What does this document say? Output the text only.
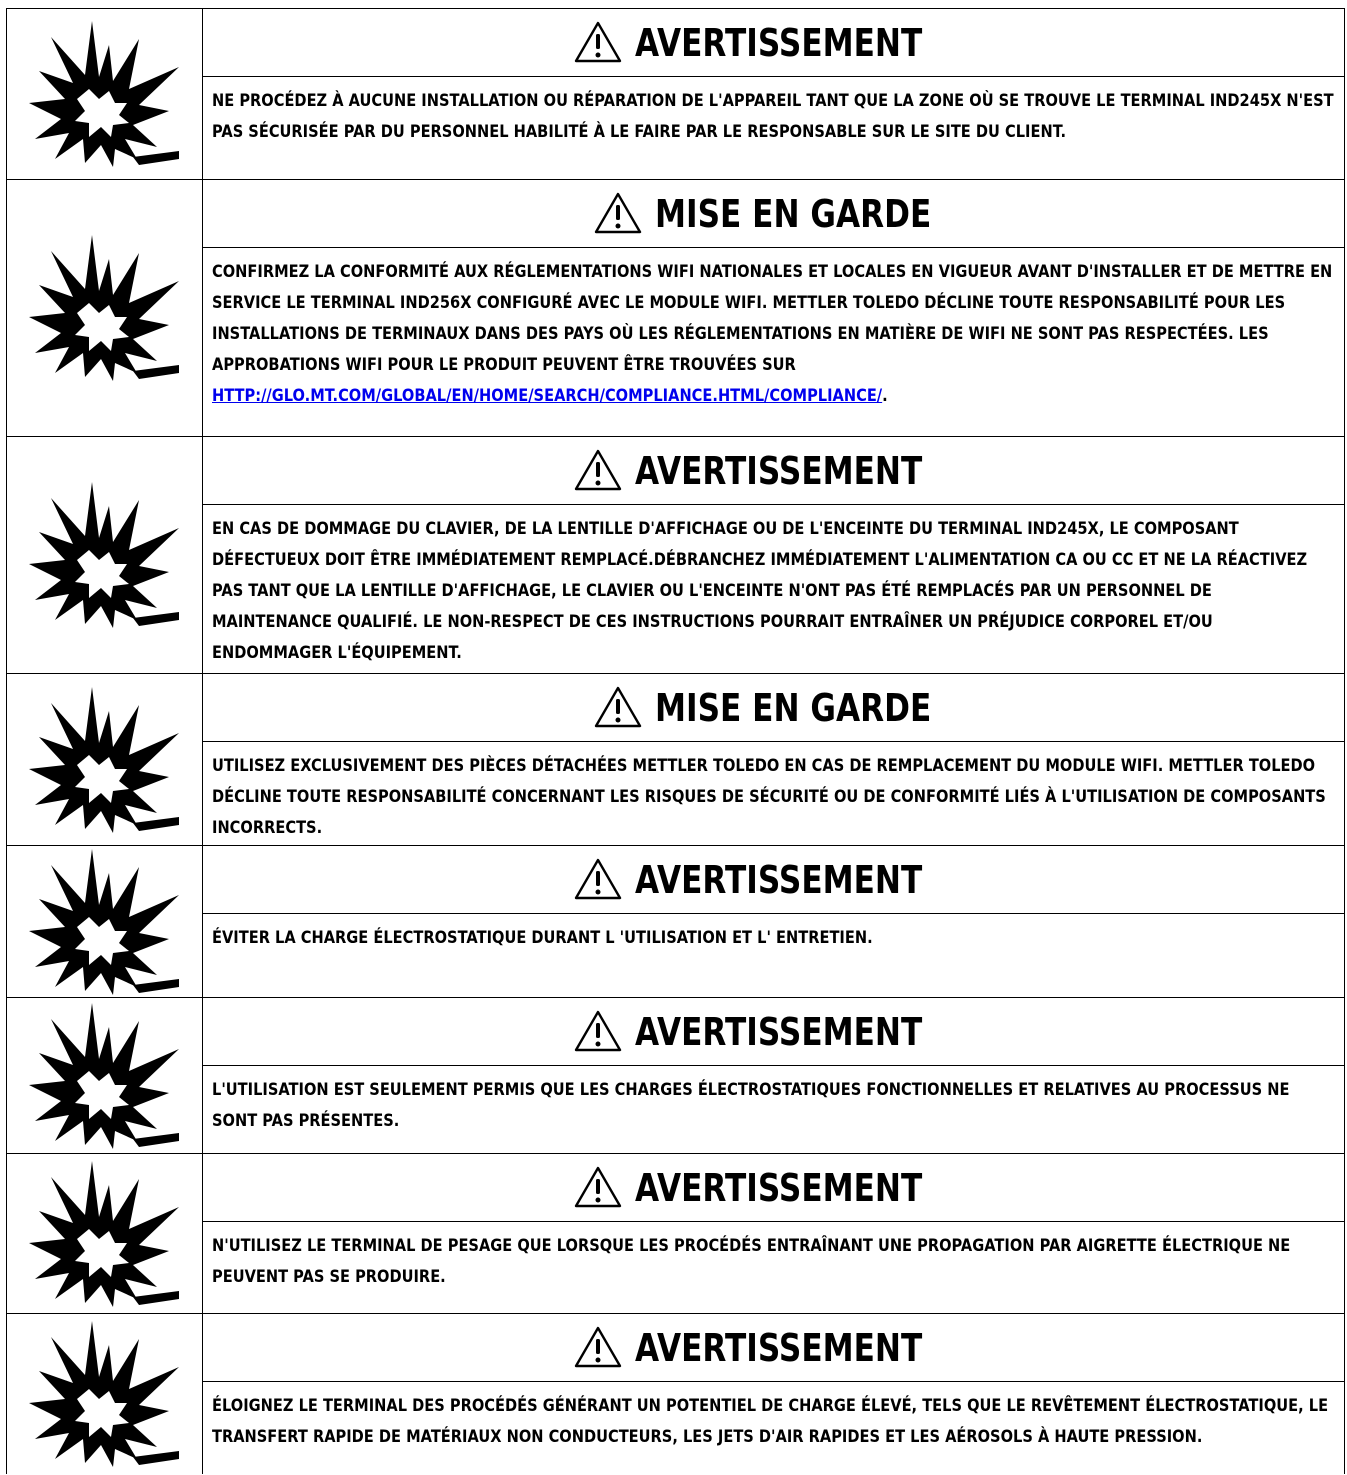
AVERTISSEMENT
NE PROCÉDEZ À AUCUNE INSTALLATION OU RÉPARATION DE L'APPAREIL TANT QUE LA ZONE OÙ SE TROUVE LE TERMINAL IND245X N'EST PAS SÉCURISÉE PAR DU PERSONNEL HABILITÉ À LE FAIRE PAR LE RESPONSABLE SUR LE SITE DU CLIENT.
MISE EN GARDE
CONFIRMEZ LA CONFORMITÉ AUX RÉGLEMENTATIONS WIFI NATIONALES ET LOCALES EN VIGUEUR AVANT D'INSTALLER ET DE METTRE EN SERVICE LE TERMINAL IND256X CONFIGURÉ AVEC LE MODULE WIFI. METTLER TOLEDO DÉCLINE TOUTE RESPONSABILITÉ POUR LES INSTALLATIONS DE TERMINAUX DANS DES PAYS OÙ LES RÉGLEMENTATIONS EN MATIÈRE DE WIFI NE SONT PAS RESPECTÉES. LES APPROBATIONS WIFI POUR LE PRODUIT PEUVENT ÊTRE TROUVÉES SUR
HTTP://GLO.MT.COM/GLOBAL/EN/HOME/SEARCH/COMPLIANCE.HTML/COMPLIANCE/.
AVERTISSEMENT
EN CAS DE DOMMAGE DU CLAVIER, DE LA LENTILLE D'AFFICHAGE OU DE L'ENCEINTE DU TERMINAL IND245X, LE COMPOSANT DÉFECTUEUX DOIT ÊTRE IMMÉDIATEMENT REMPLACÉ.DÉBRANCHEZ IMMÉDIATEMENT L'ALIMENTATION CA OU CC ET NE LA RÉACTIVEZ PAS TANT QUE LA LENTILLE D'AFFICHAGE, LE CLAVIER OU L'ENCEINTE N'ONT PAS ÉTÉ REMPLACÉS PAR UN PERSONNEL DE MAINTENANCE QUALIFIÉ. LE NON-RESPECT DE CES INSTRUCTIONS POURRAIT ENTRAÎNER UN PRÉJUDICE CORPOREL ET/OU ENDOMMAGER L'ÉQUIPEMENT.
MISE EN GARDE
UTILISEZ EXCLUSIVEMENT DES PIÈCES DÉTACHÉES METTLER TOLEDO EN CAS DE REMPLACEMENT DU MODULE WIFI. METTLER TOLEDO DÉCLINE TOUTE RESPONSABILITÉ CONCERNANT LES RISQUES DE SÉCURITÉ OU DE CONFORMITÉ LIÉS À L'UTILISATION DE COMPOSANTS INCORRECTS.
AVERTISSEMENT
ÉVITER LA CHARGE ÉLECTROSTATIQUE DURANT L 'UTILISATION ET L' ENTRETIEN.
AVERTISSEMENT
L'UTILISATION EST SEULEMENT PERMIS QUE LES CHARGES ÉLECTROSTATIQUES FONCTIONNELLES ET RELATIVES AU PROCESSUS NE SONT PAS PRÉSENTES.
AVERTISSEMENT
N'UTILISEZ LE TERMINAL DE PESAGE QUE LORSQUE LES PROCÉDÉS ENTRAÎNANT UNE PROPAGATION PAR AIGRETTE ÉLECTRIQUE NE PEUVENT PAS SE PRODUIRE.
AVERTISSEMENT
ÉLOIGNEZ LE TERMINAL DES PROCÉDÉS GÉNÉRANT UN POTENTIEL DE CHARGE ÉLEVÉ, TELS QUE LE REVÊTEMENT ÉLECTROSTATIQUE, LE TRANSFERT RAPIDE DE MATÉRIAUX NON CONDUCTEURS, LES JETS D'AIR RAPIDES ET LES AÉROSOLS À HAUTE PRESSION.
